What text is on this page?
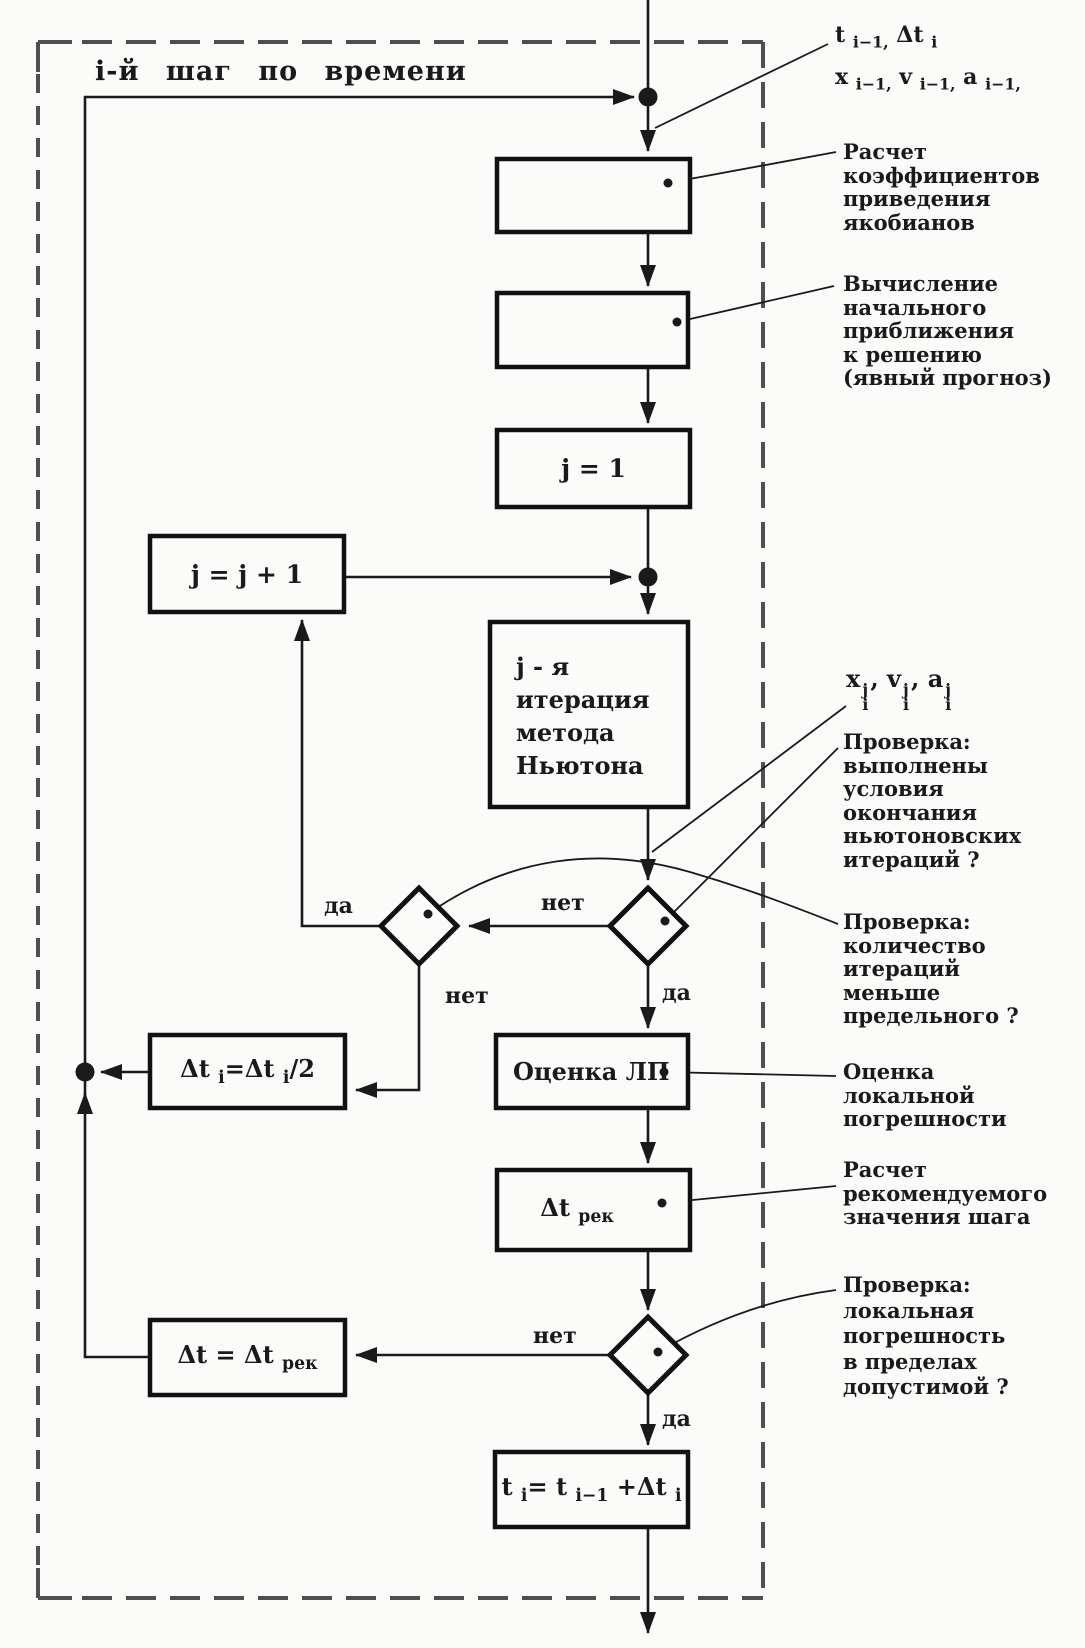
i-й шаг по времени
t $_{i-1,}$ Δt $_i$
x $_{i-1,}$ v $_{i-1,}$ a $_{i-1,}$
Расчет
коэффициентов
приведения
якобианов
Вычисление
начального
приближения
к решению
(явный прогноз)
x j
i
, v j
i
, a j
i
Проверка:
выполнены
условия
окончания
ньютоновских
итераций ?
Проверка:
количество
итераций
меньше
предельного ?
Оценка
локальной
погрешности
Расчет
рекомендуемого
значения шага
Проверка:
локальная
погрешность
в пределах
допустимой ?
j = 1
j = j + 1
j - я
итерация
метода
Ньютона
Δt $_i$=Δt $_i$/2	Оценка ЛП
Δt $_{рек}$
Δt = Δt $_{рек}$
t $_i$= t $_{i-1}$ +Δt $_i$
нет
да
да
нет
нет
да
